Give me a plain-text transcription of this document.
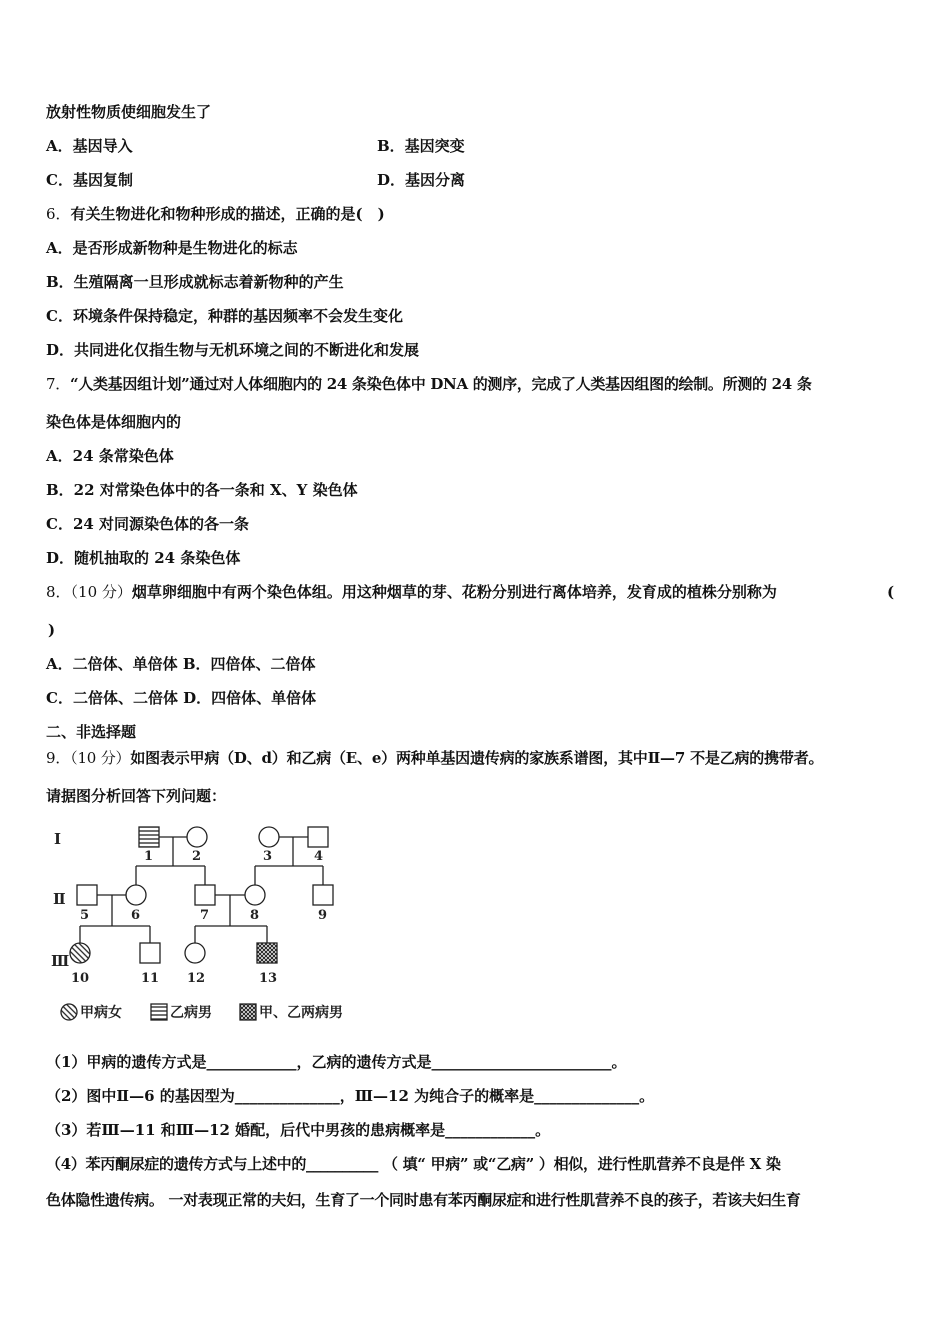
放射性物质使细胞发生了
A．基因导入	B．基因突变
C．基因复制	D．基因分离
6．有关生物进化和物种形成的描述，正确的是(　)
A．是否形成新物种是生物进化的标志
B．生殖隔离一旦形成就标志着新物种的产生
C．环境条件保持稳定，种群的基因频率不会发生变化
D．共同进化仅指生物与无机环境之间的不断进化和发展
7．“人类基因组计划”通过对人体细胞内的 24 条染色体中 DNA 的测序，完成了人类基因组图的绘制。所测的 24 条
染色体是体细胞内的
A．24 条常染色体
B．22 对常染色体中的各一条和 X、Y 染色体
C．24 对同源染色体的各一条
D．随机抽取的 24 条染色体
8．（10 分）烟草卵细胞中有两个染色体组。用这种烟草的芽、花粉分别进行离体培养，发育成的植株分别称为	(
)
A．二倍体、单倍体 B．四倍体、二倍体
C．二倍体、二倍体 D．四倍体、单倍体
二、非选择题
9．（10 分）如图表示甲病（D、d）和乙病（E、e）两种单基因遗传病的家族系谱图，其中Ⅱ—7 不是乙病的携带者。
请据图分析回答下列问题：
I
Ⅱ
Ⅲ
1	2	3	4
5	6	7	8	9
10	11 12	13
甲病女	乙病男	甲、乙两病男
（1）甲病的遗传方式是____________，乙病的遗传方式是________________________。
（2）图中Ⅱ—6 的基因型为______________，Ⅲ—12 为纯合子的概率是______________。
（3）若Ⅲ—11 和Ⅲ—12 婚配，后代中男孩的患病概率是____________。
（4）苯丙酮尿症的遗传方式与上述中的__________ （ 填“ 甲病” 或“乙病” ）相似，进行性肌营养不良是伴 X 染
色体隐性遗传病。 一对表现正常的夫妇，生育了一个同时患有苯丙酮尿症和进行性肌营养不良的孩子，若该夫妇生育
